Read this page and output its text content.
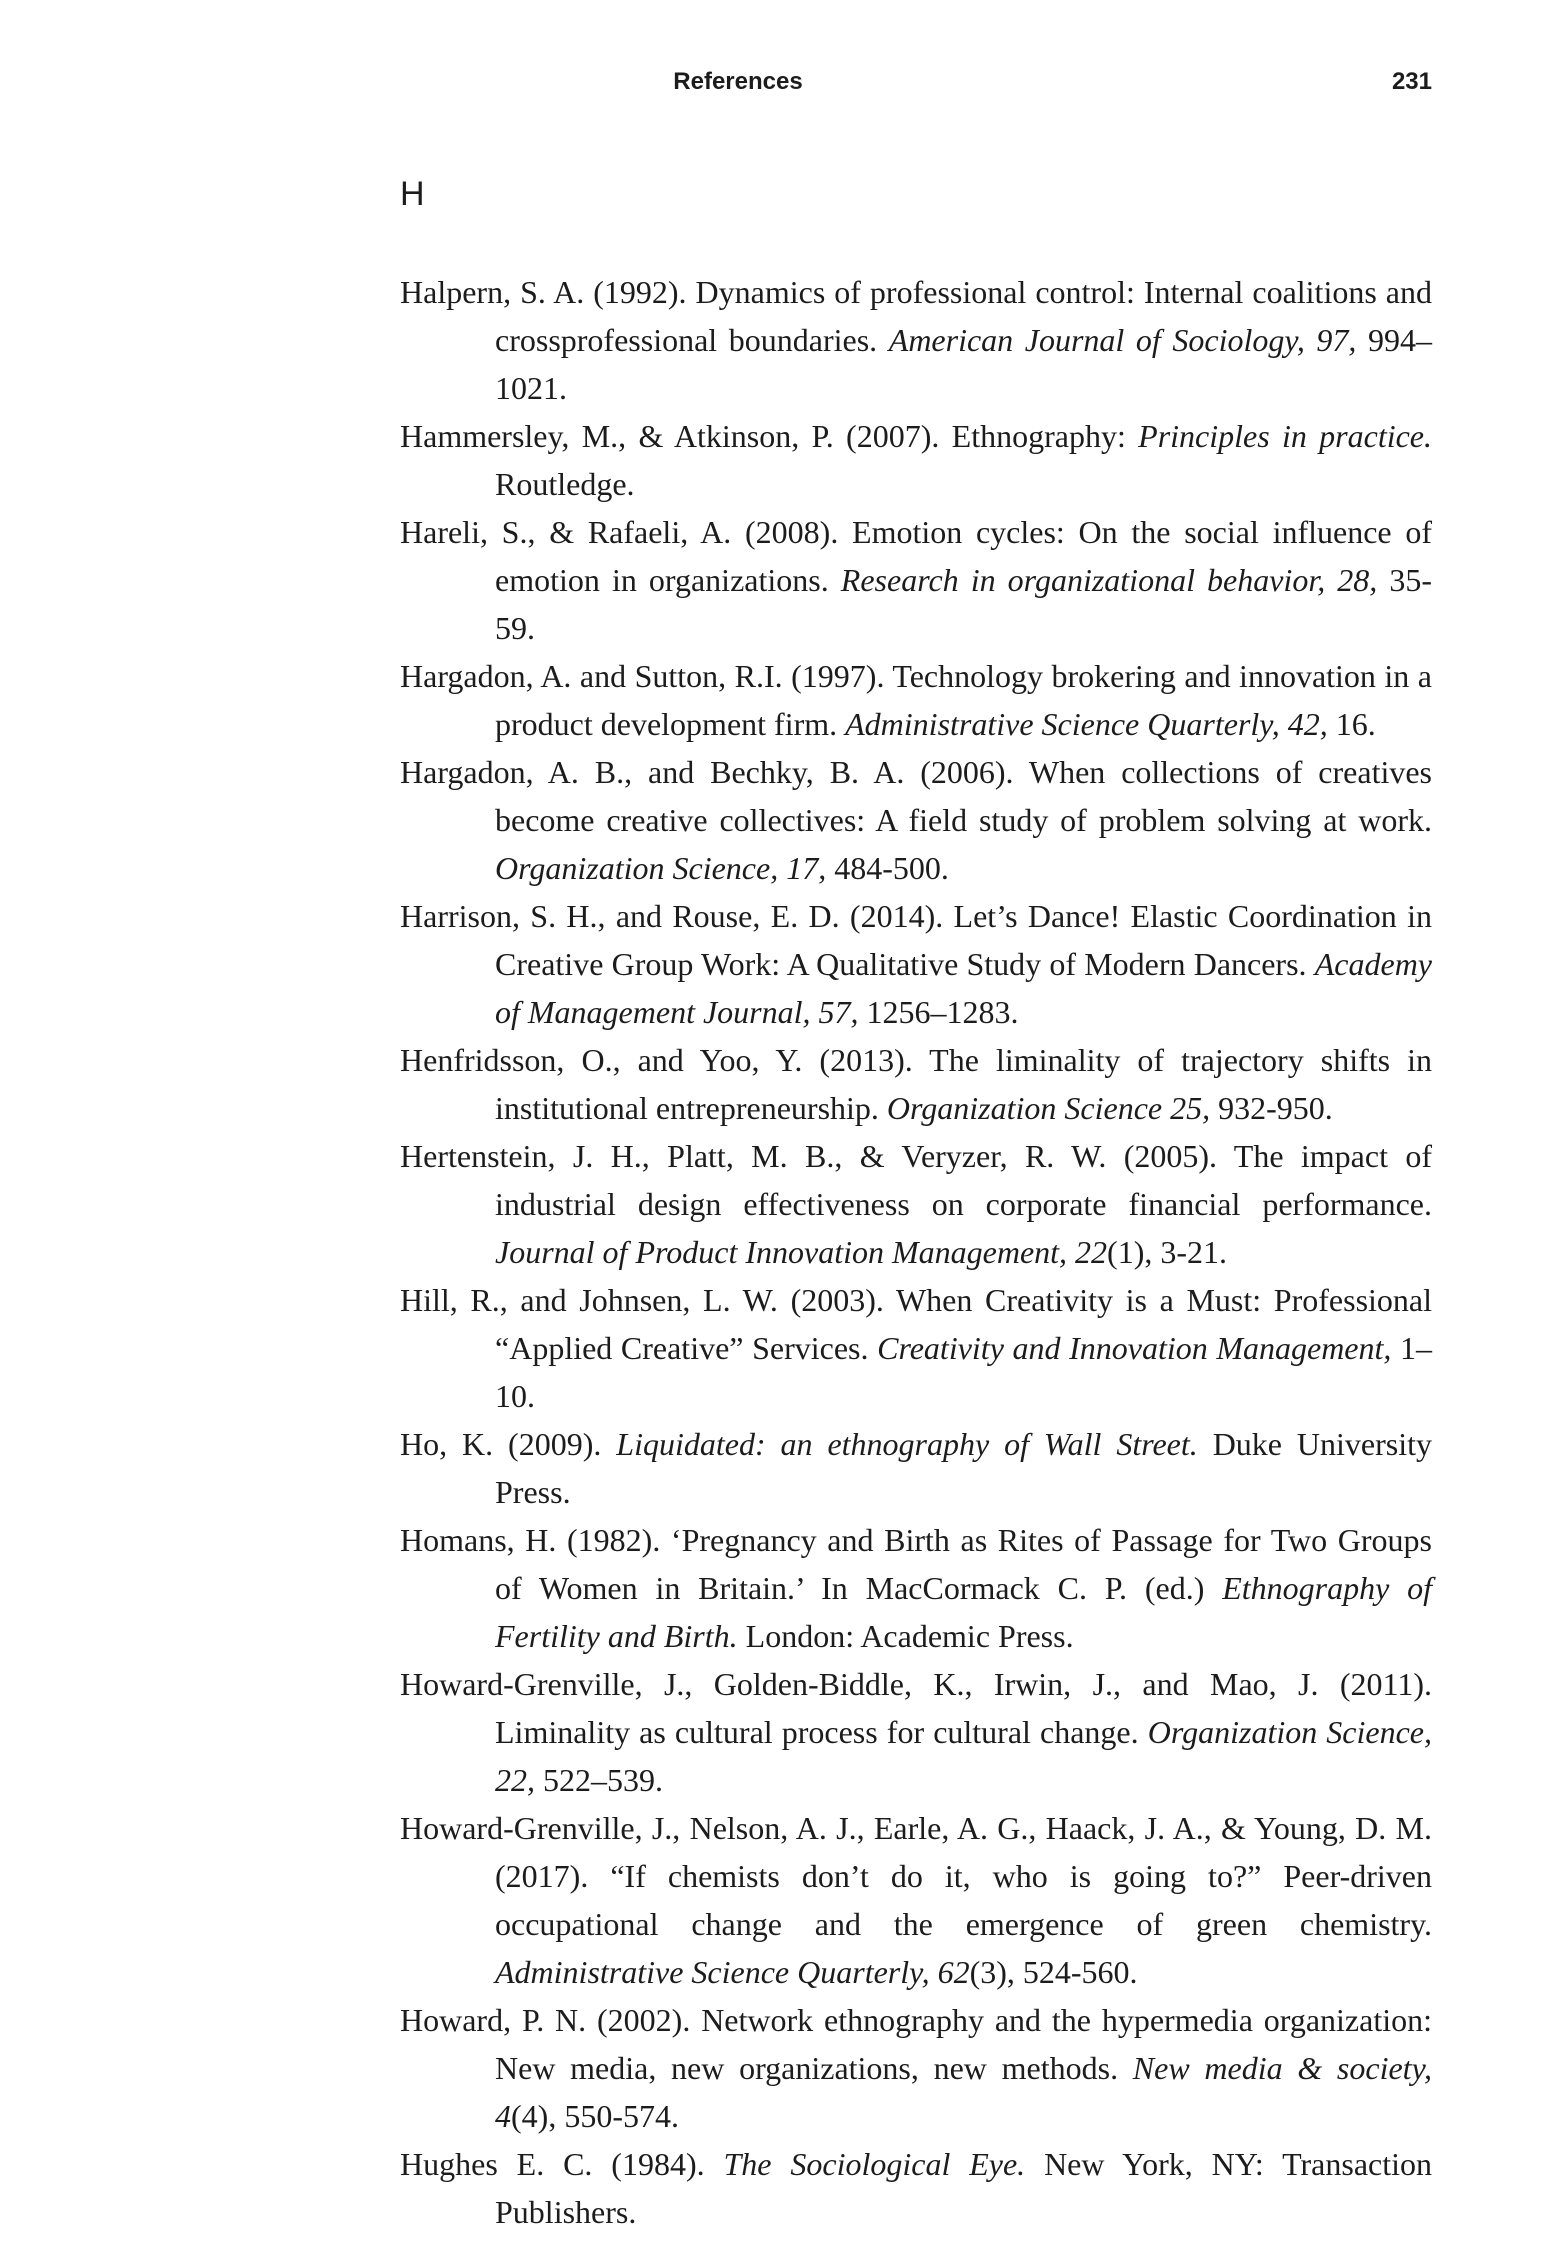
References	231
H
Halpern, S. A. (1992). Dynamics of professional control: Internal coalitions and crossprofessional boundaries. American Journal of Sociology, 97, 994–1021.
Hammersley, M., & Atkinson, P. (2007). Ethnography: Principles in practice. Routledge.
Hareli, S., & Rafaeli, A. (2008). Emotion cycles: On the social influence of emotion in organizations. Research in organizational behavior, 28, 35-59.
Hargadon, A. and Sutton, R.I. (1997). Technology brokering and innovation in a product development firm. Administrative Science Quarterly, 42, 16.
Hargadon, A. B., and Bechky, B. A. (2006). When collections of creatives become creative collectives: A field study of problem solving at work. Organization Science, 17, 484-500.
Harrison, S. H., and Rouse, E. D. (2014). Let’s Dance! Elastic Coordination in Creative Group Work: A Qualitative Study of Modern Dancers. Academy of Management Journal, 57, 1256–1283.
Henfridsson, O., and Yoo, Y. (2013). The liminality of trajectory shifts in institutional entrepreneurship. Organization Science 25, 932-950.
Hertenstein, J. H., Platt, M. B., & Veryzer, R. W. (2005). The impact of industrial design effectiveness on corporate financial performance. Journal of Product Innovation Management, 22(1), 3-21.
Hill, R., and Johnsen, L. W. (2003). When Creativity is a Must: Professional “Applied Creative” Services. Creativity and Innovation Management, 1–10.
Ho, K. (2009). Liquidated: an ethnography of Wall Street. Duke University Press.
Homans, H. (1982). ‘Pregnancy and Birth as Rites of Passage for Two Groups of Women in Britain.’ In MacCormack C. P. (ed.) Ethnography of Fertility and Birth. London: Academic Press.
Howard-Grenville, J., Golden-Biddle, K., Irwin, J., and Mao, J. (2011). Liminality as cultural process for cultural change. Organization Science, 22, 522–539.
Howard-Grenville, J., Nelson, A. J., Earle, A. G., Haack, J. A., & Young, D. M. (2017). “If chemists don’t do it, who is going to?” Peer-driven occupational change and the emergence of green chemistry. Administrative Science Quarterly, 62(3), 524-560.
Howard, P. N. (2002). Network ethnography and the hypermedia organization: New media, new organizations, new methods. New media & society, 4(4), 550-574.
Hughes E. C. (1984). The Sociological Eye. New York, NY: Transaction Publishers.
